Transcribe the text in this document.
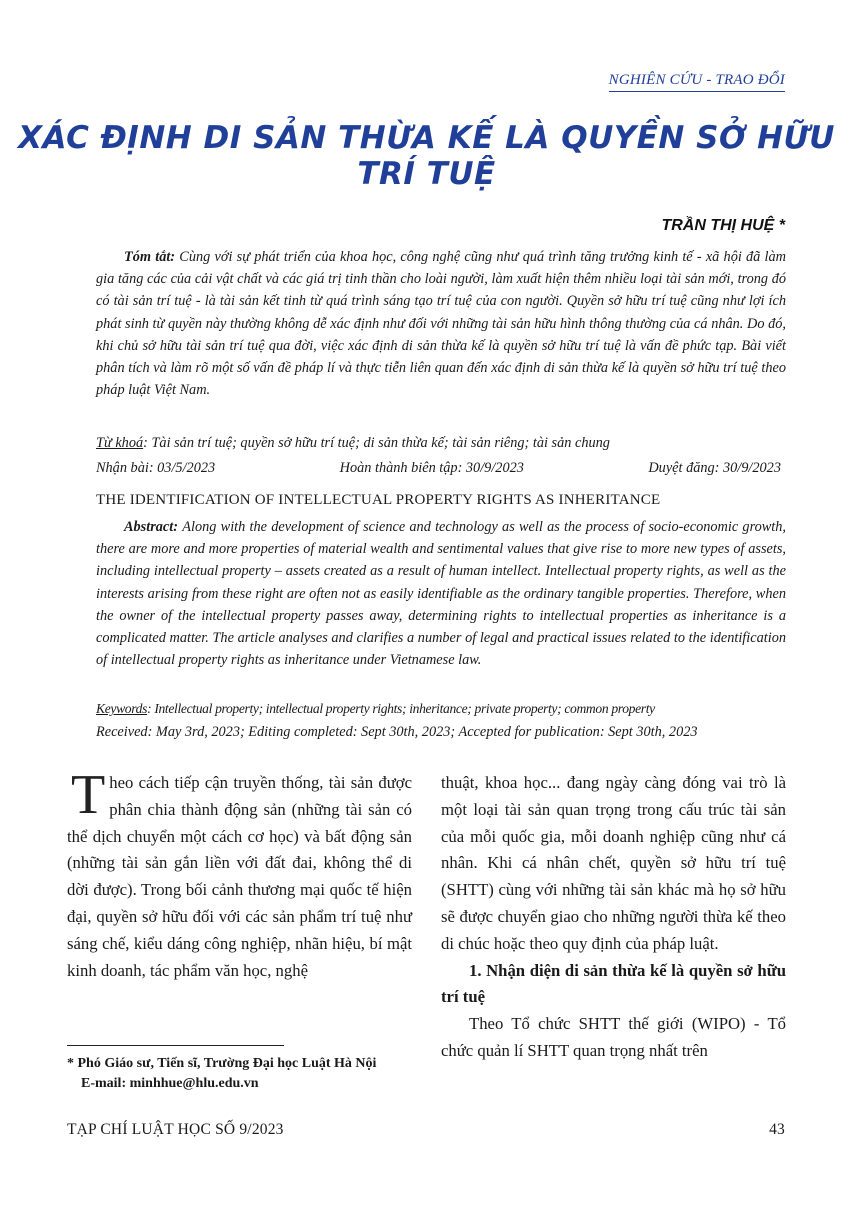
NGHIÊN CỨU - TRAO ĐỔI
XÁC ĐỊNH DI SẢN THỪA KẾ LÀ QUYỀN SỞ HỮU TRÍ TUỆ
TRẦN THỊ HUỆ *

Tóm tắt: Cùng với sự phát triển của khoa học, công nghệ cũng như quá trình tăng trưởng kinh tế - xã hội đã làm gia tăng các của cải vật chất và các giá trị tinh thần cho loài người, làm xuất hiện thêm nhiều loại tài sản mới, trong đó có tài sản trí tuệ - là tài sản kết tinh từ quá trình sáng tạo trí tuệ của con người. Quyền sở hữu trí tuệ cũng như lợi ích phát sinh từ quyền này thường không dễ xác định như đối với những tài sản hữu hình thông thường của cá nhân. Do đó, khi chủ sở hữu tài sản trí tuệ qua đời, việc xác định di sản thừa kế là quyền sở hữu trí tuệ là vấn đề phức tạp. Bài viết phân tích và làm rõ một số vấn đề pháp lí và thực tiễn liên quan đến xác định di sản thừa kế là quyền sở hữu trí tuệ theo pháp luật Việt Nam.

Từ khoá: Tài sản trí tuệ; quyền sở hữu trí tuệ; di sản thừa kế; tài sản riêng; tài sản chung

Nhận bài: 03/5/2023	Hoàn thành biên tập: 30/9/2023	Duyệt đăng: 30/9/2023

THE IDENTIFICATION OF INTELLECTUAL PROPERTY RIGHTS AS INHERITANCE

Abstract: Along with the development of science and technology as well as the process of socio-economic growth, there are more and more properties of material wealth and sentimental values that give rise to more new types of assets, including intellectual property – assets created as a result of human intellect. Intellectual property rights, as well as the interests arising from these right are often not as easily identifiable as the ordinary tangible properties. Therefore, when the owner of the intellectual property passes away, determining rights to intellectual properties as inheritance is a complicated matter. The article analyses and clarifies a number of legal and practical issues related to the identification of intellectual property rights as inheritance under Vietnamese law.

Keywords: Intellectual property; intellectual property rights; inheritance; private property; common property

Received: May 3rd, 2023; Editing completed: Sept 30th, 2023; Accepted for publication: Sept 30th, 2023

T heo cách tiếp cận truyền thống, tài sản được phân chia thành động sản (những tài sản có thể dịch chuyển một cách cơ học) và bất động sản (những tài sản gắn liền với đất đai, không thể di dời được). Trong bối cảnh thương mại quốc tế hiện đại, quyền sở hữu đối với các sản phẩm trí tuệ như sáng chế, kiểu dáng công nghiệp, nhãn hiệu, bí mật kinh doanh, tác phẩm văn học, nghệ

thuật, khoa học... đang ngày càng đóng vai trò là một loại tài sản quan trọng trong cấu trúc tài sản của mỗi quốc gia, mỗi doanh nghiệp cũng như cá nhân. Khi cá nhân chết, quyền sở hữu trí tuệ (SHTT) cùng với những tài sản khác mà họ sở hữu sẽ được chuyển giao cho những người thừa kế theo di chúc hoặc theo quy định của pháp luật.

1. Nhận diện di sản thừa kế là quyền sở hữu trí tuệ

Theo Tổ chức SHTT thế giới (WIPO) - Tổ chức quản lí SHTT quan trọng nhất trên

* Phó Giáo sư, Tiến sĩ, Trường Đại học Luật Hà Nội
E-mail: minhhue@hlu.edu.vn
TẠP CHÍ LUẬT HỌC SỐ 9/2023	43
